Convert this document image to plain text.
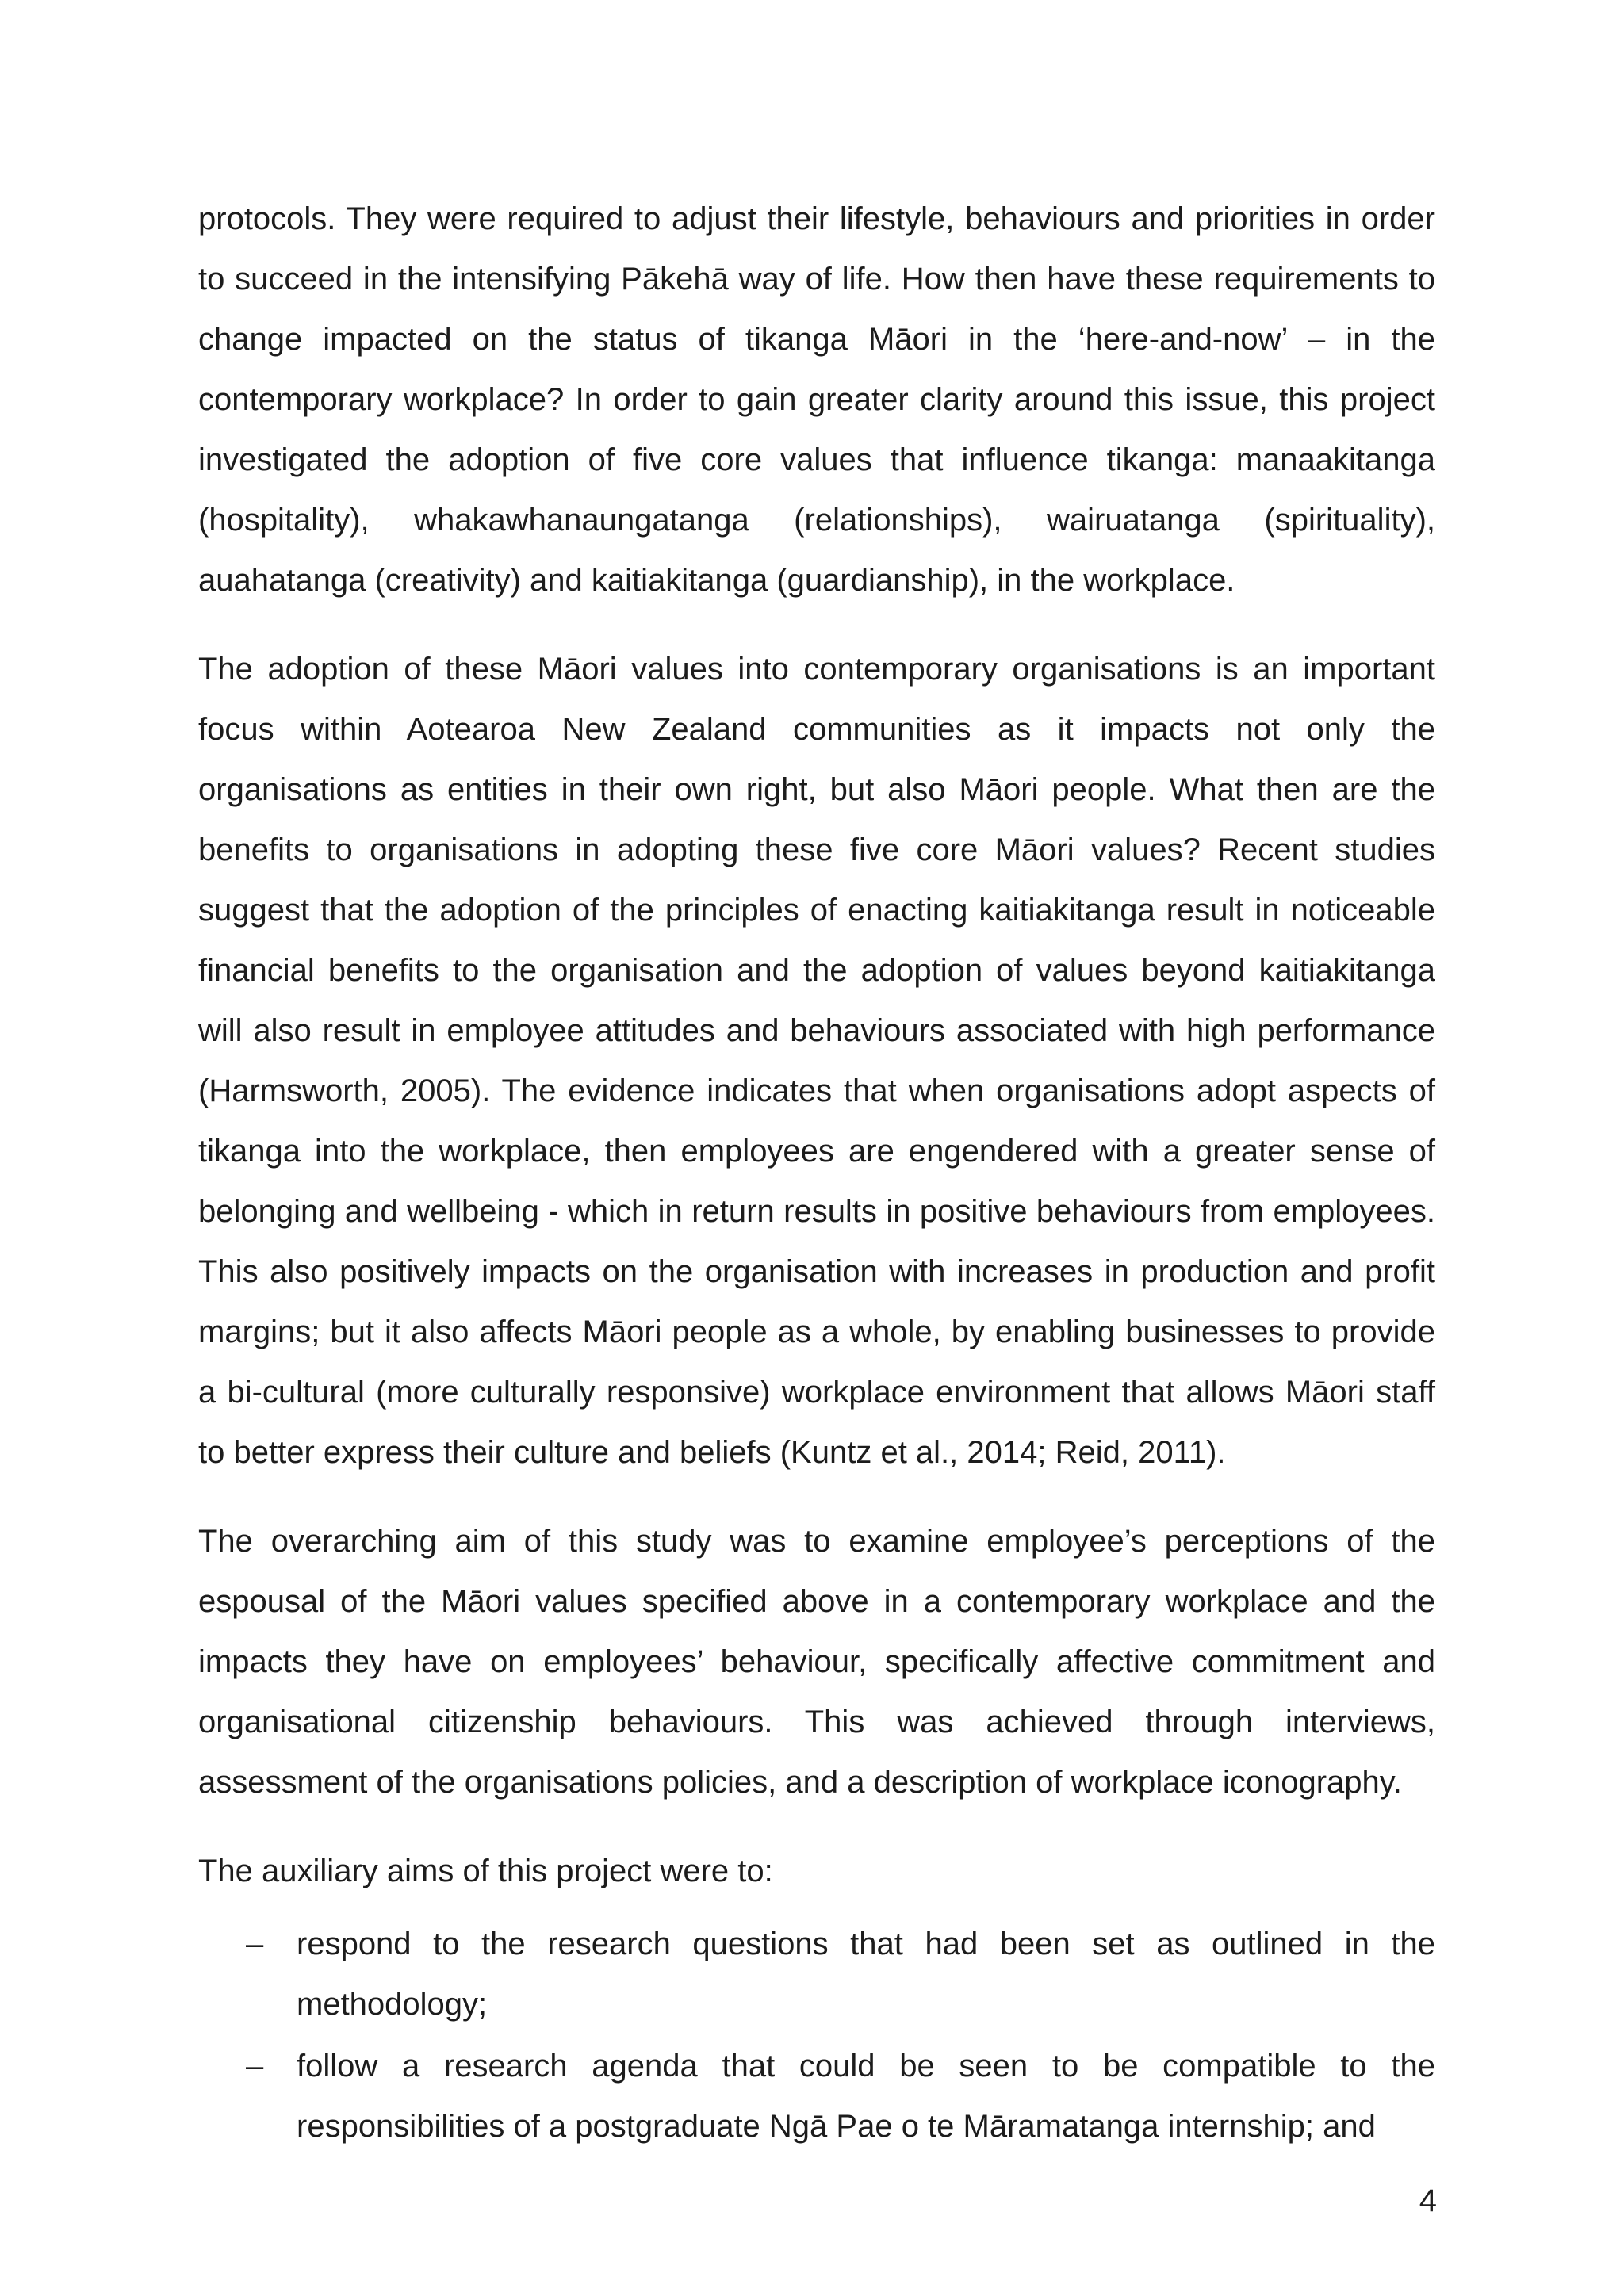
protocols. They were required to adjust their lifestyle, behaviours and priorities in order to succeed in the intensifying Pākehā way of life. How then have these requirements to change impacted on the status of tikanga Māori in the ‘here-and-now’ – in the contemporary workplace? In order to gain greater clarity around this issue, this project investigated the adoption of five core values that influence tikanga: manaakitanga (hospitality), whakawhanaungatanga (relationships), wairuatanga (spirituality), auahatanga (creativity) and kaitiakitanga (guardianship), in the workplace.

The adoption of these Māori values into contemporary organisations is an important focus within Aotearoa New Zealand communities as it impacts not only the organisations as entities in their own right, but also Māori people. What then are the benefits to organisations in adopting these five core Māori values? Recent studies suggest that the adoption of the principles of enacting kaitiakitanga result in noticeable financial benefits to the organisation and the adoption of values beyond kaitiakitanga will also result in employee attitudes and behaviours associated with high performance (Harmsworth, 2005). The evidence indicates that when organisations adopt aspects of tikanga into the workplace, then employees are engendered with a greater sense of belonging and wellbeing - which in return results in positive behaviours from employees. This also positively impacts on the organisation with increases in production and profit margins; but it also affects Māori people as a whole, by enabling businesses to provide a bi-cultural (more culturally responsive) workplace environment that allows Māori staff to better express their culture and beliefs (Kuntz et al., 2014; Reid, 2011).

The overarching aim of this study was to examine employee’s perceptions of the espousal of the Māori values specified above in a contemporary workplace and the impacts they have on employees’ behaviour, specifically affective commitment and organisational citizenship behaviours. This was achieved through interviews, assessment of the organisations policies, and a description of workplace iconography.

The auxiliary aims of this project were to:

– respond to the research questions that had been set as outlined in the methodology;
– follow a research agenda that could be seen to be compatible to the responsibilities of a postgraduate Ngā Pae o te Māramatanga internship; and
4
